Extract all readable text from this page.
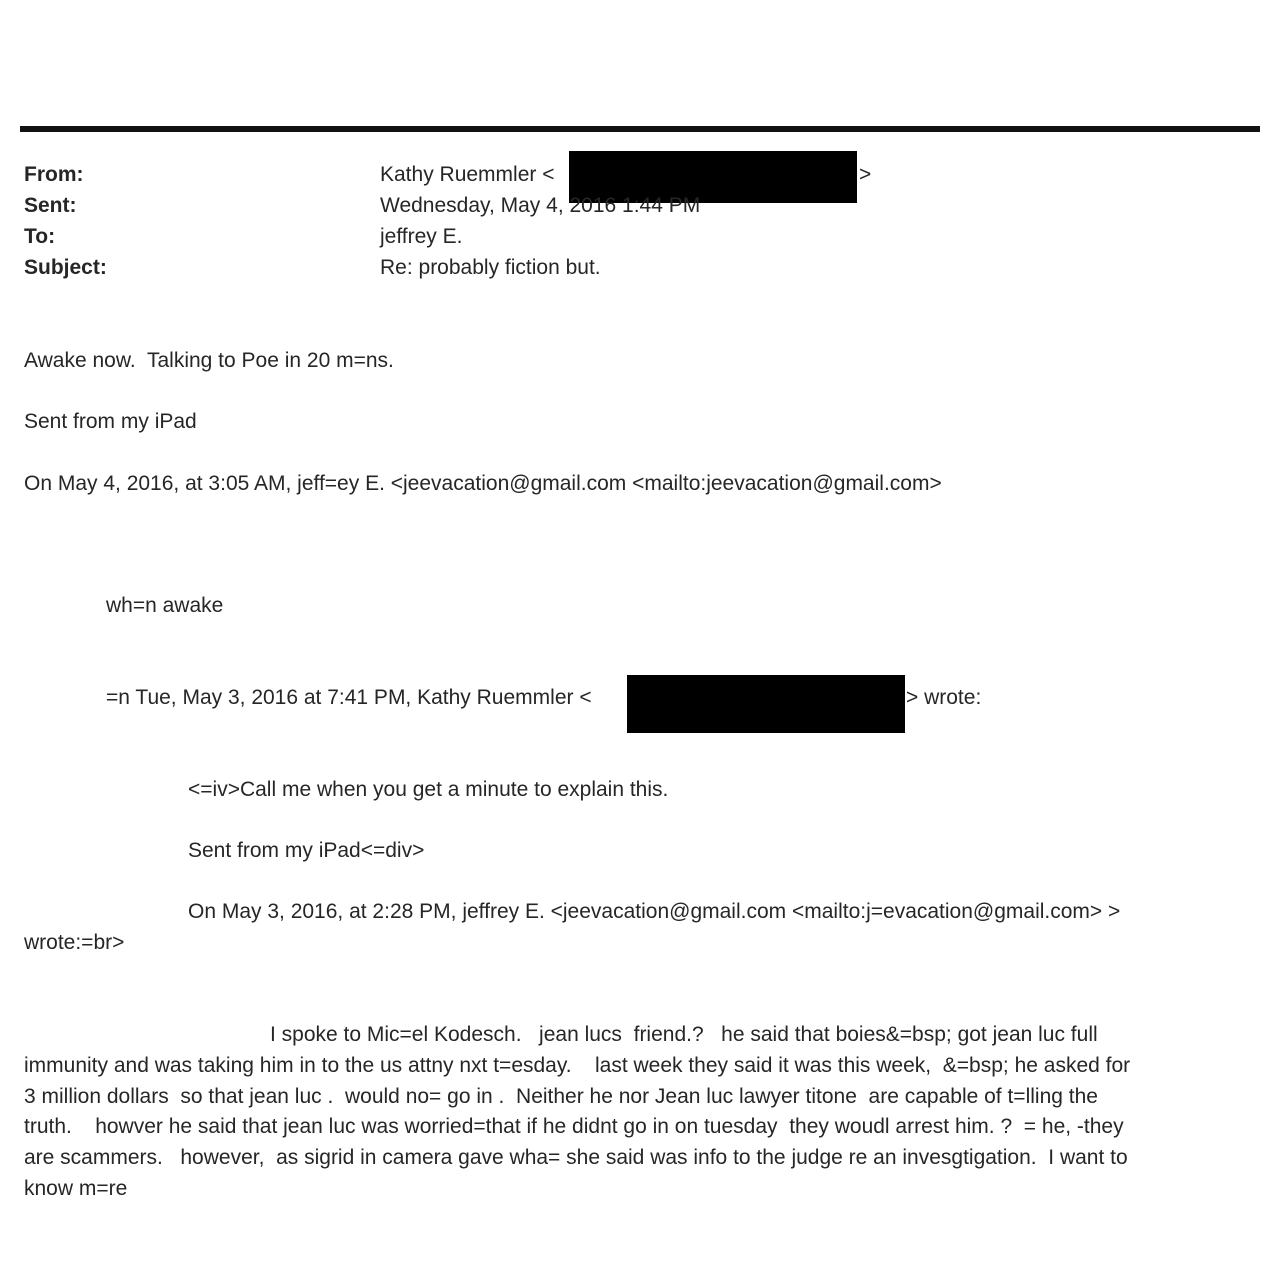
From:	Kathy Ruemmler <	>
Sent:	Wednesday, May 4, 2016 1:44 PM
To:	jeffrey E.
Subject:	Re: probably fiction but.
Awake now.  Talking to Poe in 20 m=ns.
Sent from my iPad
On May 4, 2016, at 3:05 AM, jeff=ey E. <jeevacation@gmail.com <mailto:jeevacation@gmail.com>
wh=n awake
=n Tue, May 3, 2016 at 7:41 PM, Kathy Ruemmler <	> wrote:
<=iv>Call me when you get a minute to explain this.
Sent from my iPad<=div>
On May 3, 2016, at 2:28 PM, jeffrey E. <jeevacation@gmail.com <mailto:j=evacation@gmail.com> >
wrote:=br>
I spoke to Mic=el Kodesch.   jean lucs  friend.?   he said that boies&=bsp; got jean luc full
immunity and was taking him in to the us attny nxt t=esday.    last week they said it was this week,  &=bsp; he asked for
3 million dollars  so that jean luc .  would no= go in .  Neither he nor Jean luc lawyer titone  are capable of t=lling the
truth.    howver he said that jean luc was worried=that if he didnt go in on tuesday  they woudl arrest him. ?  = he, -they
are scammers.   however,  as sigrid in camera gave wha= she said was info to the judge re an invesgtigation.  I want to
know m=re
